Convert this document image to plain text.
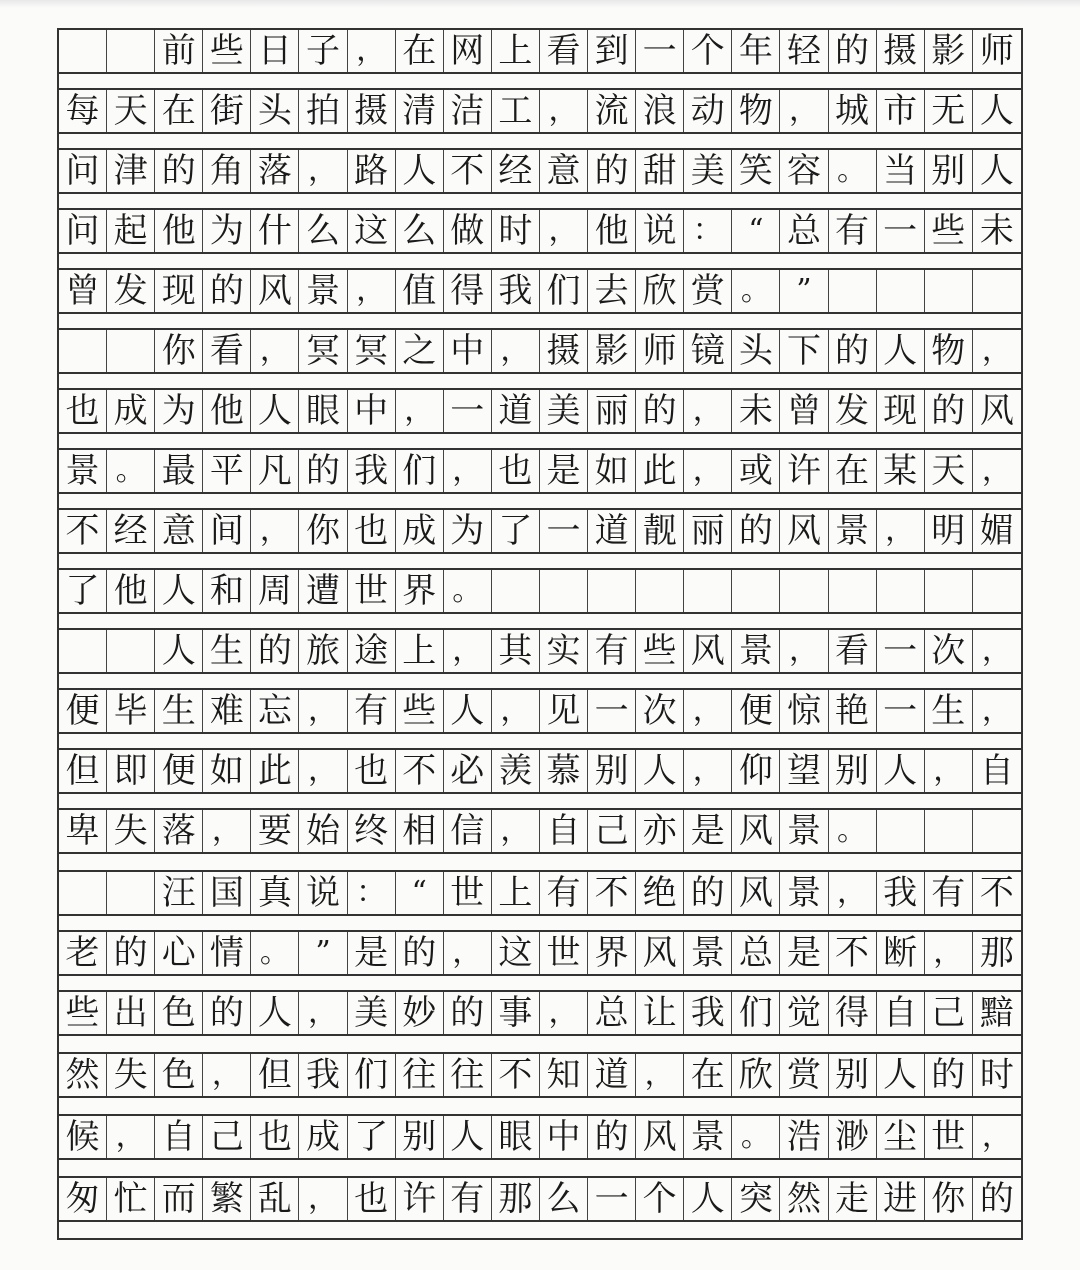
前 些 日 子 ， 在 网 上 看 到 一 个 年 轻 的 摄 影 师
每 天 在 街 头 拍 摄 清 洁 工 ， 流 浪 动 物 ， 城 市 无 人
问 津 的 角 落 ， 路 人 不 经 意 的 甜 美 笑 容 。 当 别 人
问 起 他 为 什 么 这 么 做 时 ， 他 说 ： “ 总 有 一 些 未
曾 发 现 的 风 景 ， 值 得 我 们 去 欣 赏 。 ”
你 看 ， 冥 冥 之 中 ， 摄 影 师 镜 头 下 的 人 物 ，
也 成 为 他 人 眼 中 ， 一 道 美 丽 的 ， 未 曾 发 现 的 风
景 。 最 平 凡 的 我 们 ， 也 是 如 此 ， 或 许 在 某 天 ，
不 经 意 间 ， 你 也 成 为 了 一 道 靓 丽 的 风 景 ， 明 媚
了 他 人 和 周 遭 世 界 。
人 生 的 旅 途 上 ， 其 实 有 些 风 景 ， 看 一 次 ，
便 毕 生 难 忘 ， 有 些 人 ， 见 一 次 ， 便 惊 艳 一 生 ，
但 即 便 如 此 ， 也 不 必 羡 慕 别 人 ， 仰 望 别 人 ， 自
卑 失 落 ， 要 始 终 相 信 ， 自 己 亦 是 风 景 。
汪 国 真 说 ： “ 世 上 有 不 绝 的 风 景 ， 我 有 不
老 的 心 情 。 ” 是 的 ， 这 世 界 风 景 总 是 不 断 ， 那
些 出 色 的 人 ， 美 妙 的 事 ， 总 让 我 们 觉 得 自 己 黯
然 失 色 ， 但 我 们 往 往 不 知 道 ， 在 欣 赏 别 人 的 时
候 ， 自 己 也 成 了 别 人 眼 中 的 风 景 。 浩 渺 尘 世 ，
匆 忙 而 繁 乱 ， 也 许 有 那 么 一 个 人 突 然 走 进 你 的
